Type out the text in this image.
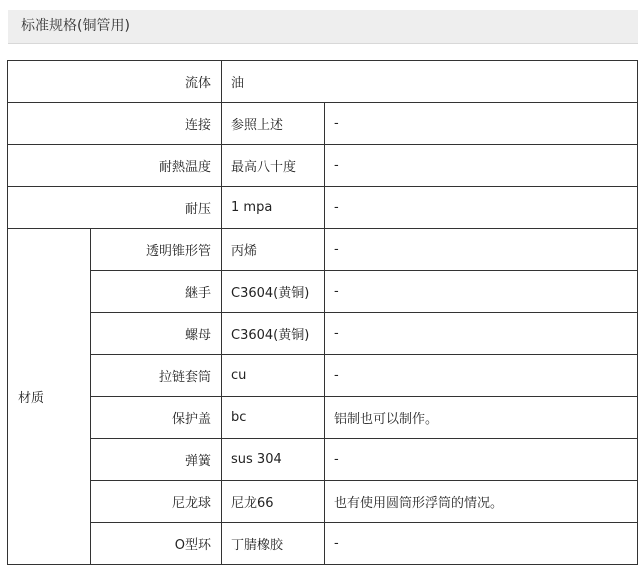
标准规格(铜管用)
流体		油	
连接		参照上述	-
耐熱温度		最高八十度	-
耐压		1 mpa	-
材质	透明锥形管	丙烯	-
	継手	C3604(黄铜)	-
	螺母	C3604(黄铜)	-
	拉链套筒	cu	-
	保护盖	bc	铝制也可以制作。
	弹簧	sus 304	-
	尼龙球	尼龙66	也有使用圆筒形浮筒的情况。
	O型环	丁腈橡胶	-
